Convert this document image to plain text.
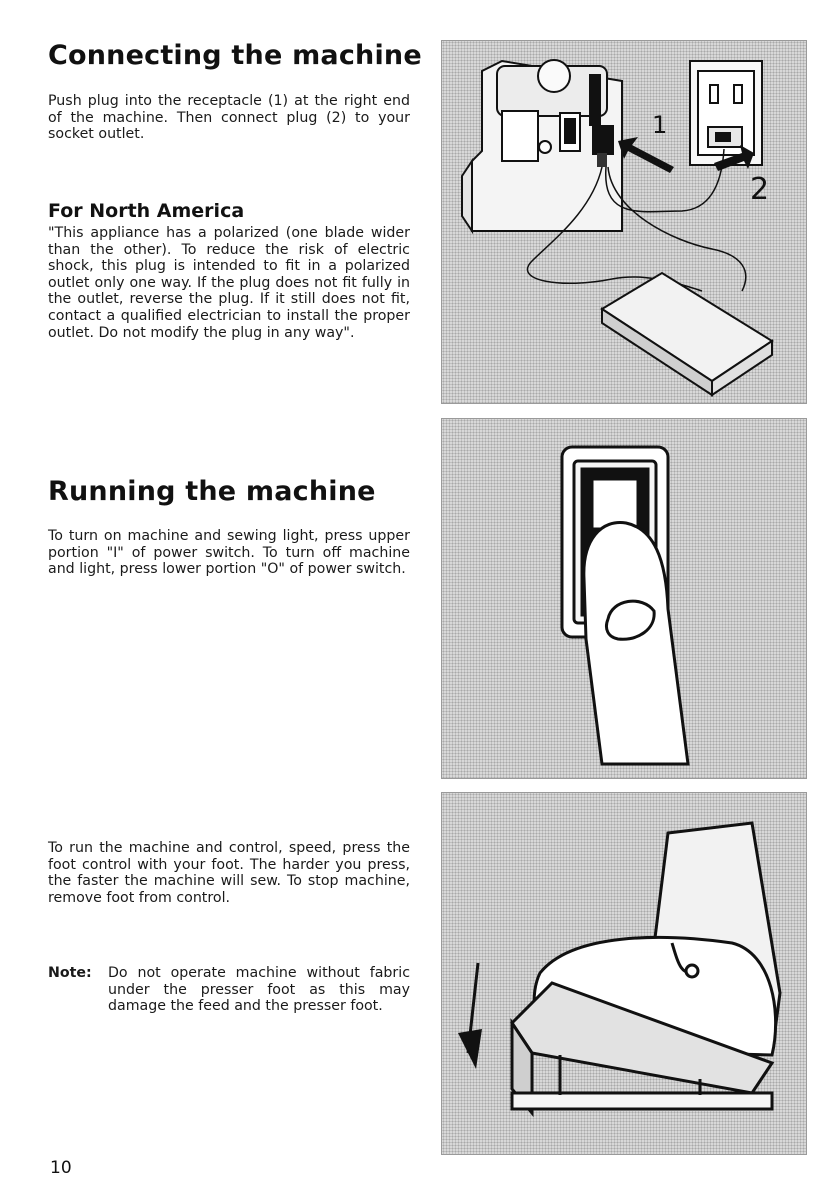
Connecting the machine

Push plug into the receptacle (1) at the right end of the machine. Then connect plug (2) to your socket outlet.

For North America

"This appliance has a polarized (one blade wider than the other). To reduce the risk of electric shock, this plug is intended to fit in a polarized outlet only one way. If the plug does not fit fully in the outlet, reverse the plug. If it still does not fit, contact a qualified electrician to install the proper outlet. Do not modify the plug in any way".

Running the machine

To turn on machine and sewing light, press upper portion "I" of power switch. To turn off machine and light, press lower portion "O" of power switch.

To run the machine and control, speed, press the foot control with your foot. The harder you press, the faster the machine will sew. To stop machine, remove foot from control.

Note: Do not operate machine without fabric under the presser foot as this may damage the feed and the presser foot.
10
1
2
